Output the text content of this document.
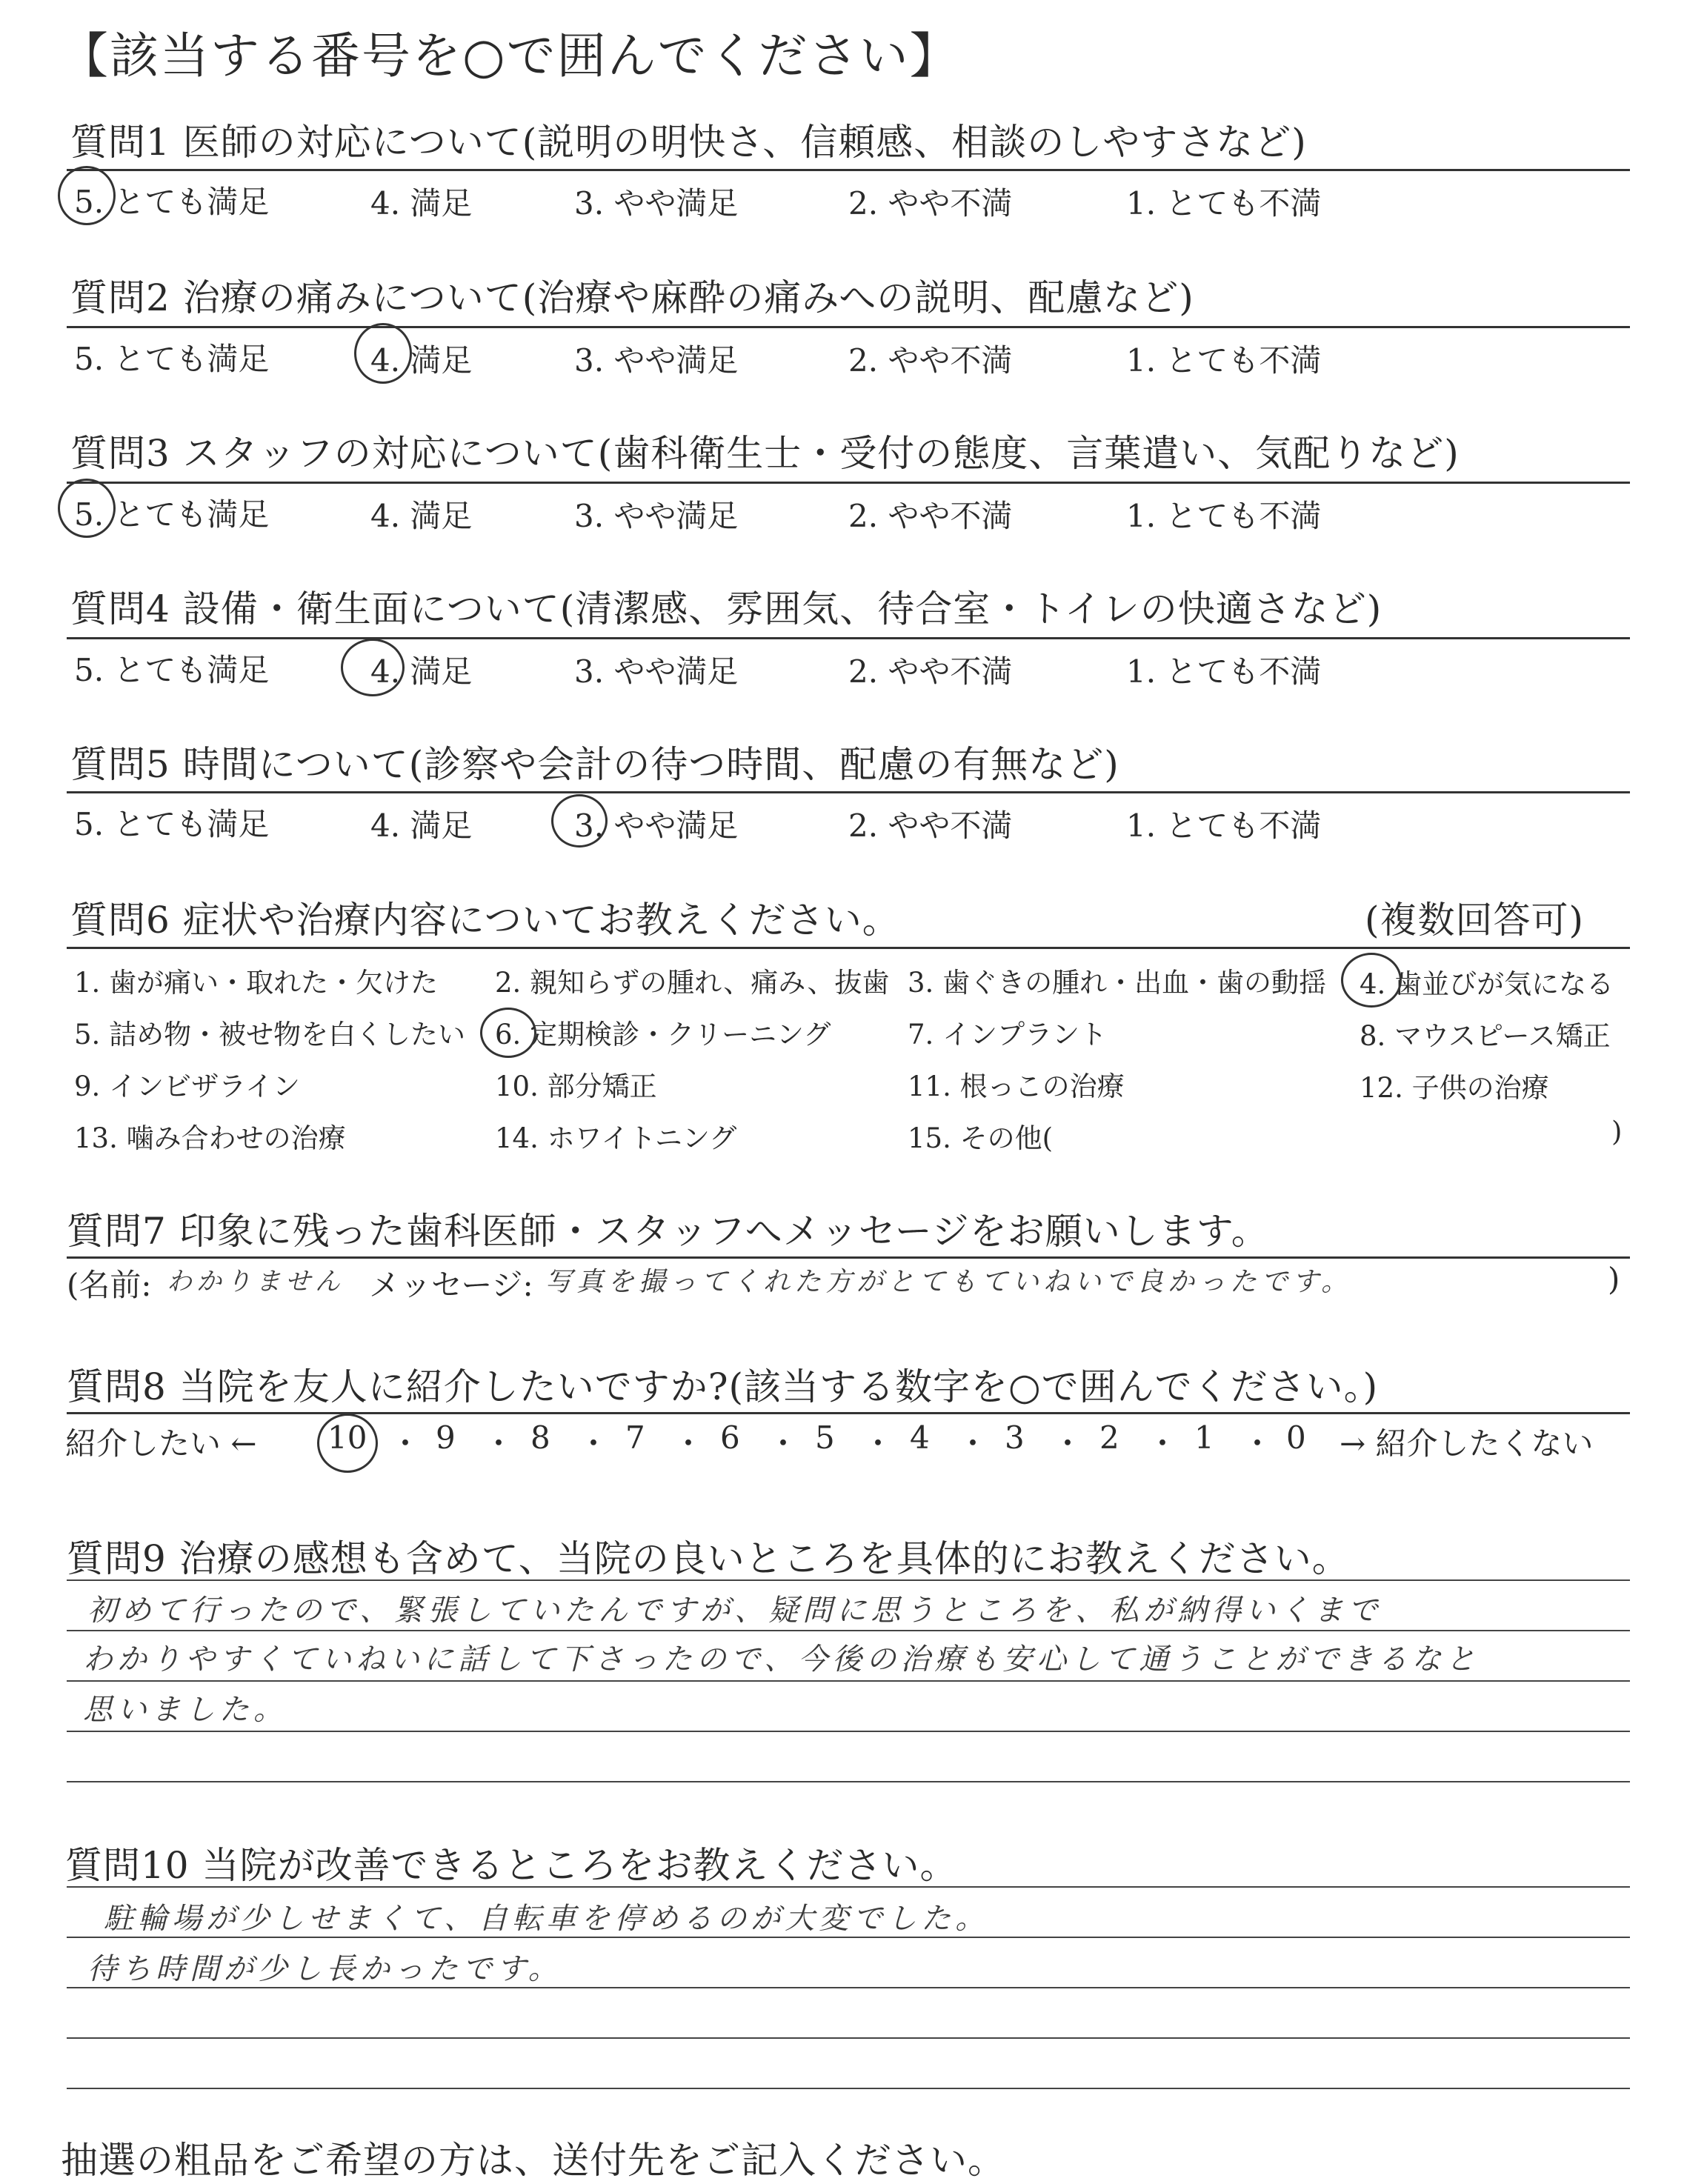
【該当する番号を○で囲んでください】
質問1 医師の対応について(説明の明快さ、信頼感、相談のしやすさなど)
5. とても満足	4. 満足	3. やや満足	2. やや不満	1. とても不満
質問2 治療の痛みについて(治療や麻酔の痛みへの説明、配慮など)
5. とても満足	4. 満足	3. やや満足	2. やや不満	1. とても不満
質問3 スタッフの対応について(歯科衛生士・受付の態度、言葉遣い、気配りなど)
5. とても満足	4. 満足	3. やや満足	2. やや不満	1. とても不満
質問4 設備・衛生面について(清潔感、雰囲気、待合室・トイレの快適さなど)
5. とても満足	4. 満足	3. やや満足	2. やや不満	1. とても不満
質問5 時間について(診察や会計の待つ時間、配慮の有無など)
5. とても満足	4. 満足	3. やや満足	2. やや不満	1. とても不満
質問6 症状や治療内容についてお教えください。	(複数回答可)
1. 歯が痛い・取れた・欠けた 2. 親知らずの腫れ、痛み、抜歯 3. 歯ぐきの腫れ・出血・歯の動揺 4. 歯並びが気になる
5. 詰め物・被せ物を白くしたい 6. 定期検診・クリーニング	7. インプラント	8. マウスピース矯正
9. インビザライン	10. 部分矯正	11. 根っこの治療	12. 子供の治療
13. 噛み合わせの治療	14. ホワイトニング	15. その他(	)
質問7 印象に残った歯科医師・スタッフへメッセージをお願いします。
(名前: わかりません メッセージ: 写真を撮ってくれた方がとてもていねいで良かったです。	)
質問8 当院を友人に紹介したいですか?(該当する数字を○で囲んでください。)
紹介したい ← 10 ・ 9 ・ 8 ・ 7 ・ 6 ・ 5 ・ 4 ・ 3 ・ 2 ・ 1 ・ 0 → 紹介したくない
質問9 治療の感想も含めて、当院の良いところを具体的にお教えください。
初めて行ったので、緊張していたんですが、疑問に思うところを、私が納得いくまで
わかりやすくていねいに話して下さったので、今後の治療も安心して通うことができるなと
思いました。
質問10 当院が改善できるところをお教えください。
駐輪場が少しせまくて、自転車を停めるのが大変でした。
待ち時間が少し長かったです。
抽選の粗品をご希望の方は、送付先をご記入ください。
